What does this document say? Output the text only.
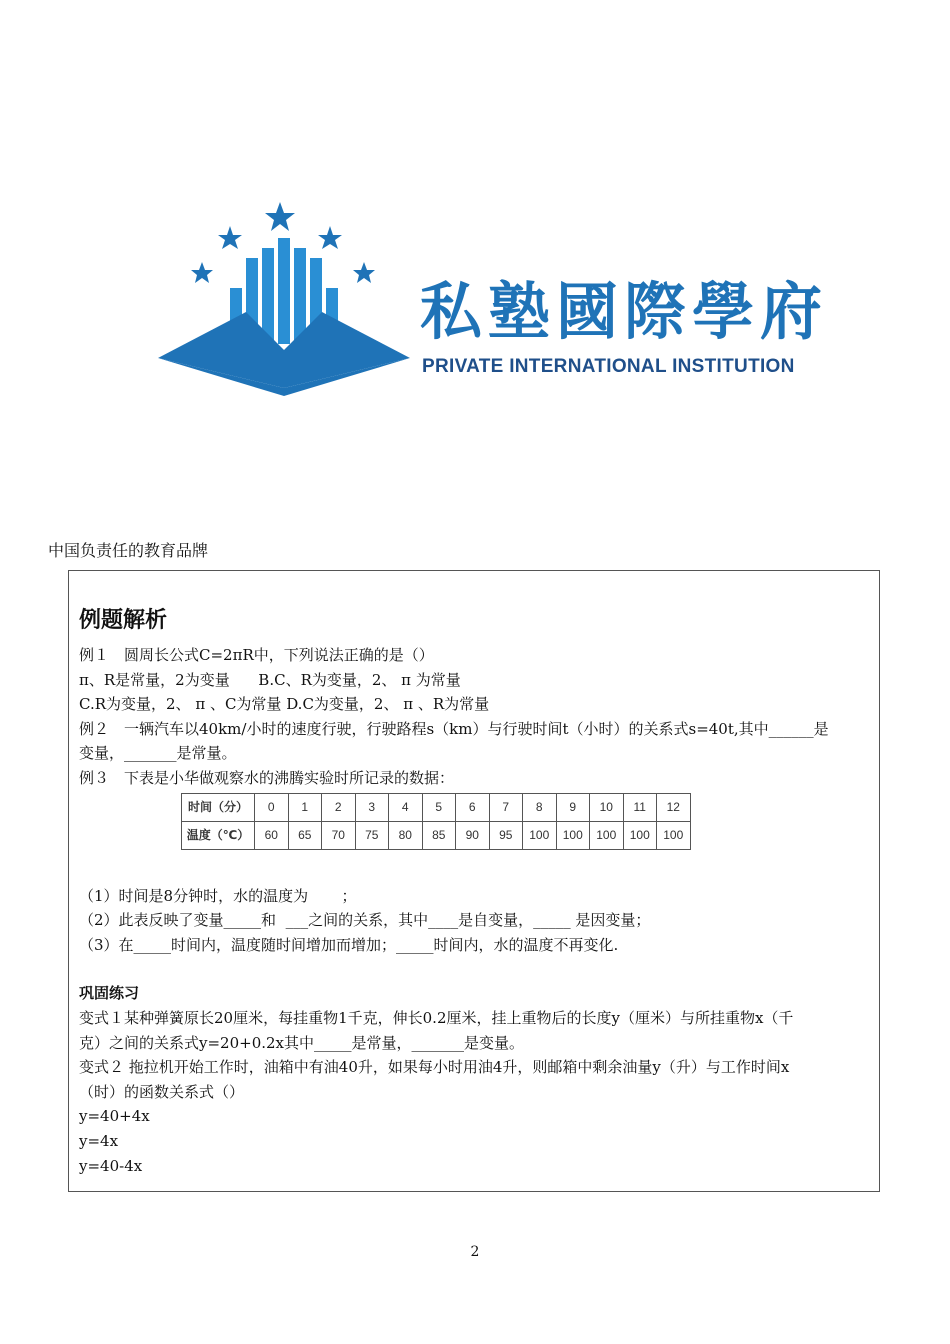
私塾國際學府
PRIVATE INTERNATIONAL INSTITUTION
中国负责任的教育品牌
例题解析
例１　圆周长公式C=2πR中，下列说法正确的是（）
π、R是常量，2为变量      B.C、R为变量，2、 π 为常量
C.R为变量，2、 π 、C为常量 D.C为变量，2、 π 、R为常量
例２　一辆汽车以40km/小时的速度行驶，行驶路程s（km）与行驶时间t（小时）的关系式s=40t,其中______是
变量，_______是常量。
例３　下表是小华做观察水的沸腾实验时所记录的数据：
时间（分）	0	1	2	3	4	5	6	7	8	9	10	11	12
温度（℃）	60	65	70	75	80	85	90	95	100	100	100	100	100
（1）时间是8分钟时，水的温度为       ；
（2）此表反映了变量_____和  ___之间的关系，其中____是自变量，_____ 是因变量；
（3）在_____时间内，温度随时间增加而增加；_____时间内，水的温度不再变化.
巩固练习
变式１某种弹簧原长20厘米，每挂重物1千克，伸长0.2厘米，挂上重物后的长度y（厘米）与所挂重物x（千
克）之间的关系式y=20+0.2x其中_____是常量，_______是变量。
变式２ 拖拉机开始工作时，油箱中有油40升，如果每小时用油4升，则邮箱中剩余油量y（升）与工作时间x
（时）的函数关系式（）
y=40+4x
y=4x
y=40-4x
2
